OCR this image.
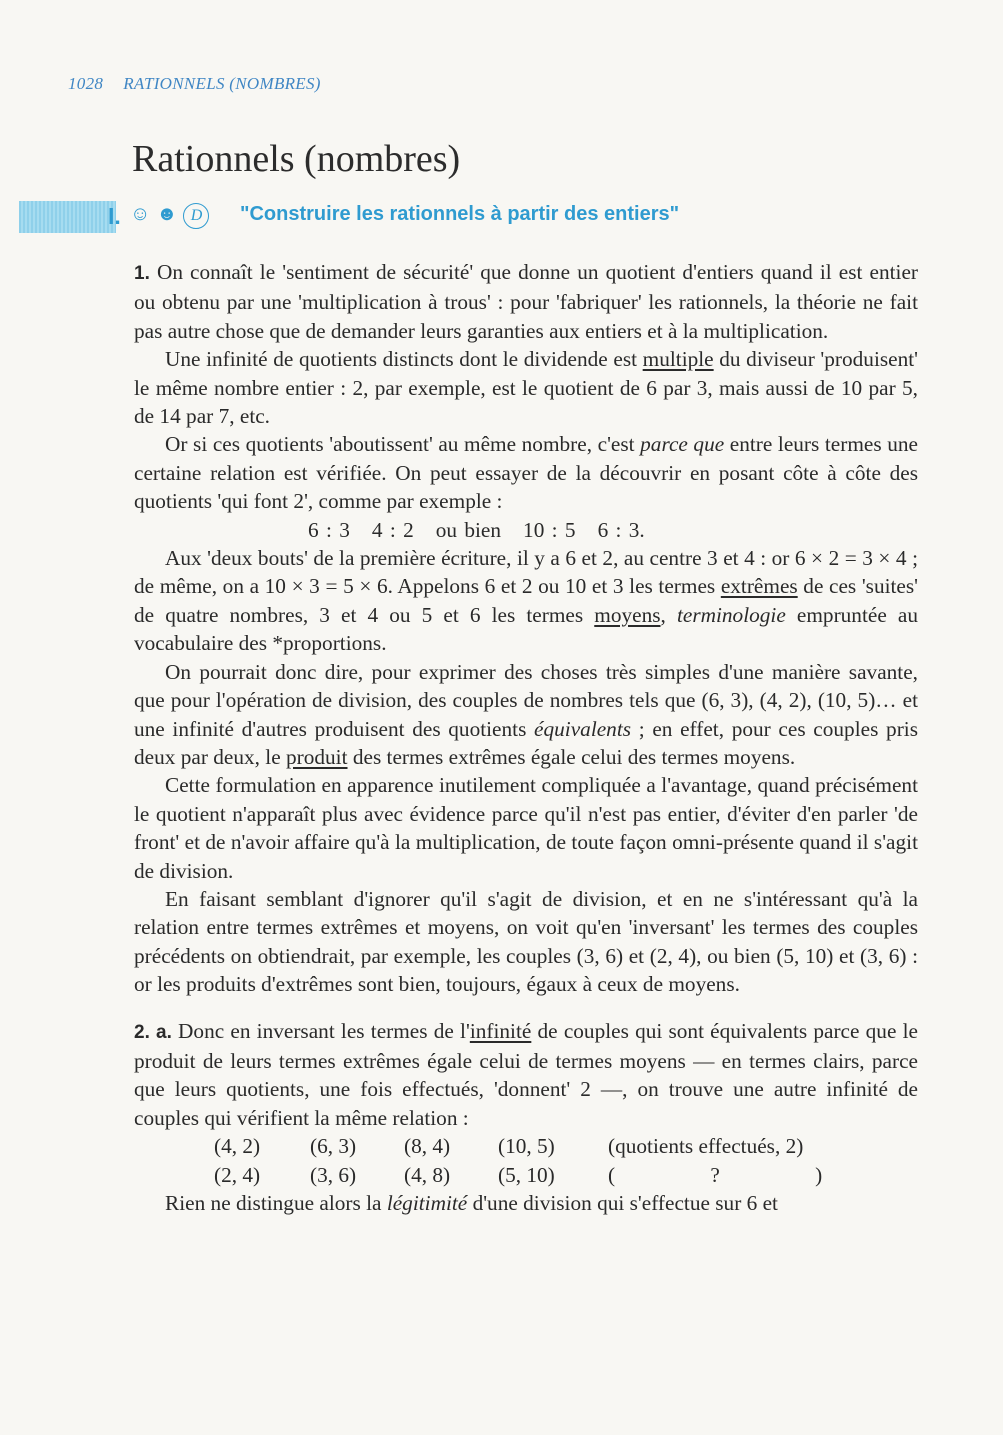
1028 RATIONNELS (NOMBRES)
Rationnels (nombres)
I. ☺ ☻ D	"Construire les rationnels à partir des entiers"

1. On connaît le 'sentiment de sécurité' que donne un quotient d'entiers quand il est entier ou obtenu par une 'multiplication à trous' : pour 'fabriquer' les rationnels, la théorie ne fait pas autre chose que de demander leurs garanties aux entiers et à la multiplication.

Une infinité de quotients distincts dont le dividende est multiple du diviseur 'produisent' le même nombre entier : 2, par exemple, est le quotient de 6 par 3, mais aussi de 10 par 5, de 14 par 7, etc.

Or si ces quotients 'aboutissent' au même nombre, c'est parce que entre leurs termes une certaine relation est vérifiée. On peut essayer de la découvrir en posant côte à côte des quotients 'qui font 2', comme par exemple :

6 : 3 4 : 2 ou bien 10 : 5 6 : 3.

Aux 'deux bouts' de la première écriture, il y a 6 et 2, au centre 3 et 4 : or 6 × 2 = 3 × 4 ; de même, on a 10 × 3 = 5 × 6. Appelons 6 et 2 ou 10 et 3 les termes extrêmes de ces 'suites' de quatre nombres, 3 et 4 ou 5 et 6 les termes moyens, terminologie empruntée au vocabulaire des *proportions.

On pourrait donc dire, pour exprimer des choses très simples d'une manière savante, que pour l'opération de division, des couples de nombres tels que (6, 3), (4, 2), (10, 5)… et une infinité d'autres produisent des quotients équivalents ; en effet, pour ces couples pris deux par deux, le produit des termes extrêmes égale celui des termes moyens.

Cette formulation en apparence inutilement compliquée a l'avantage, quand précisément le quotient n'apparaît plus avec évidence parce qu'il n'est pas entier, d'éviter d'en parler 'de front' et de n'avoir affaire qu'à la multiplication, de toute façon omni-présente quand il s'agit de division.

En faisant semblant d'ignorer qu'il s'agit de division, et en ne s'intéressant qu'à la relation entre termes extrêmes et moyens, on voit qu'en 'inversant' les termes des couples précédents on obtiendrait, par exemple, les couples (3, 6) et (2, 4), ou bien (5, 10) et (3, 6) : or les produits d'extrêmes sont bien, toujours, égaux à ceux de moyens.

2. a. Donc en inversant les termes de l'infinité de couples qui sont équivalents parce que le produit de leurs termes extrêmes égale celui de termes moyens — en termes clairs, parce que leurs quotients, une fois effectués, 'donnent' 2 —, on trouve une autre infinité de couples qui vérifient la même relation :

(4, 2)	(6, 3)	(8, 4)	(10, 5)	(quotients effectués, 2)
(2, 4)	(3, 6)	(4, 8)	(5, 10)	( ? )

Rien ne distingue alors la légitimité d'une division qui s'effectue sur 6 et
